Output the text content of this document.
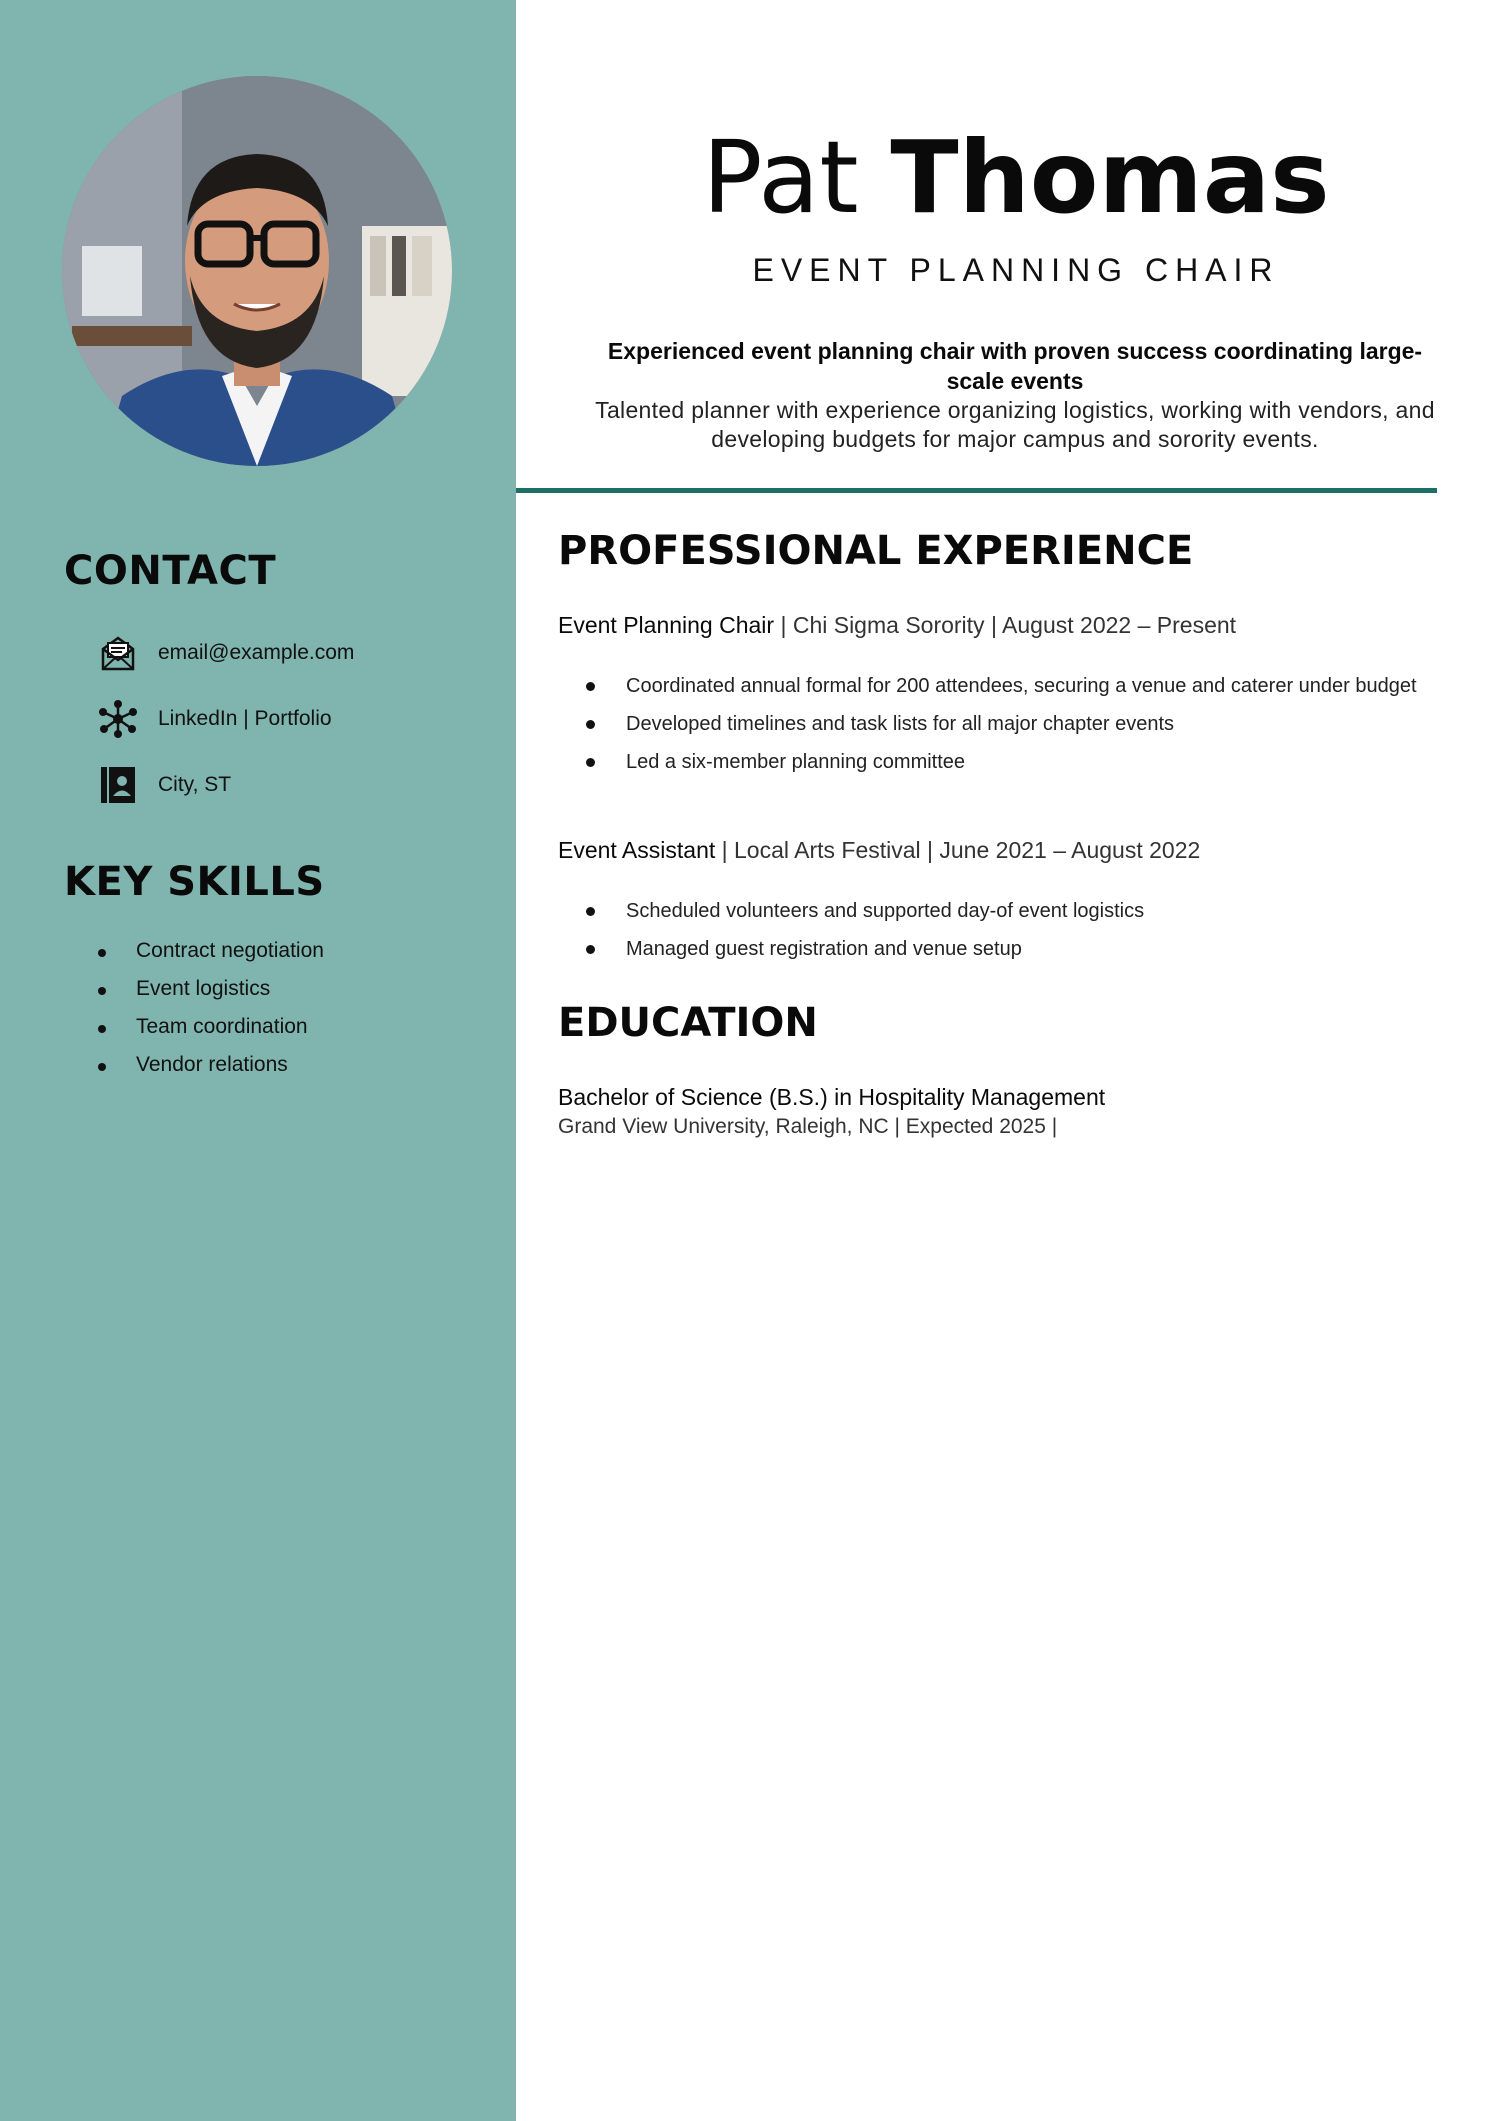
CONTACT
email@example.com
LinkedIn | Portfolio
City, ST
KEY SKILLS
Contract negotiation
Event logistics
Team coordination
Vendor relations
Pat Thomas
EVENT PLANNING CHAIR
Experienced event planning chair with proven success coordinating large-scale events
Talented planner with experience organizing logistics, working with vendors, and developing budgets for major campus and sorority events.
PROFESSIONAL EXPERIENCE
Event Planning Chair | Chi Sigma Sorority | August 2022 – Present
Coordinated annual formal for 200 attendees, securing a venue and caterer under budget
Developed timelines and task lists for all major chapter events
Led a six-member planning committee
Event Assistant | Local Arts Festival | June 2021 – August 2022
Scheduled volunteers and supported day-of event logistics
Managed guest registration and venue setup
EDUCATION
Bachelor of Science (B.S.) in Hospitality Management
Grand View University, Raleigh, NC | Expected 2025 |
